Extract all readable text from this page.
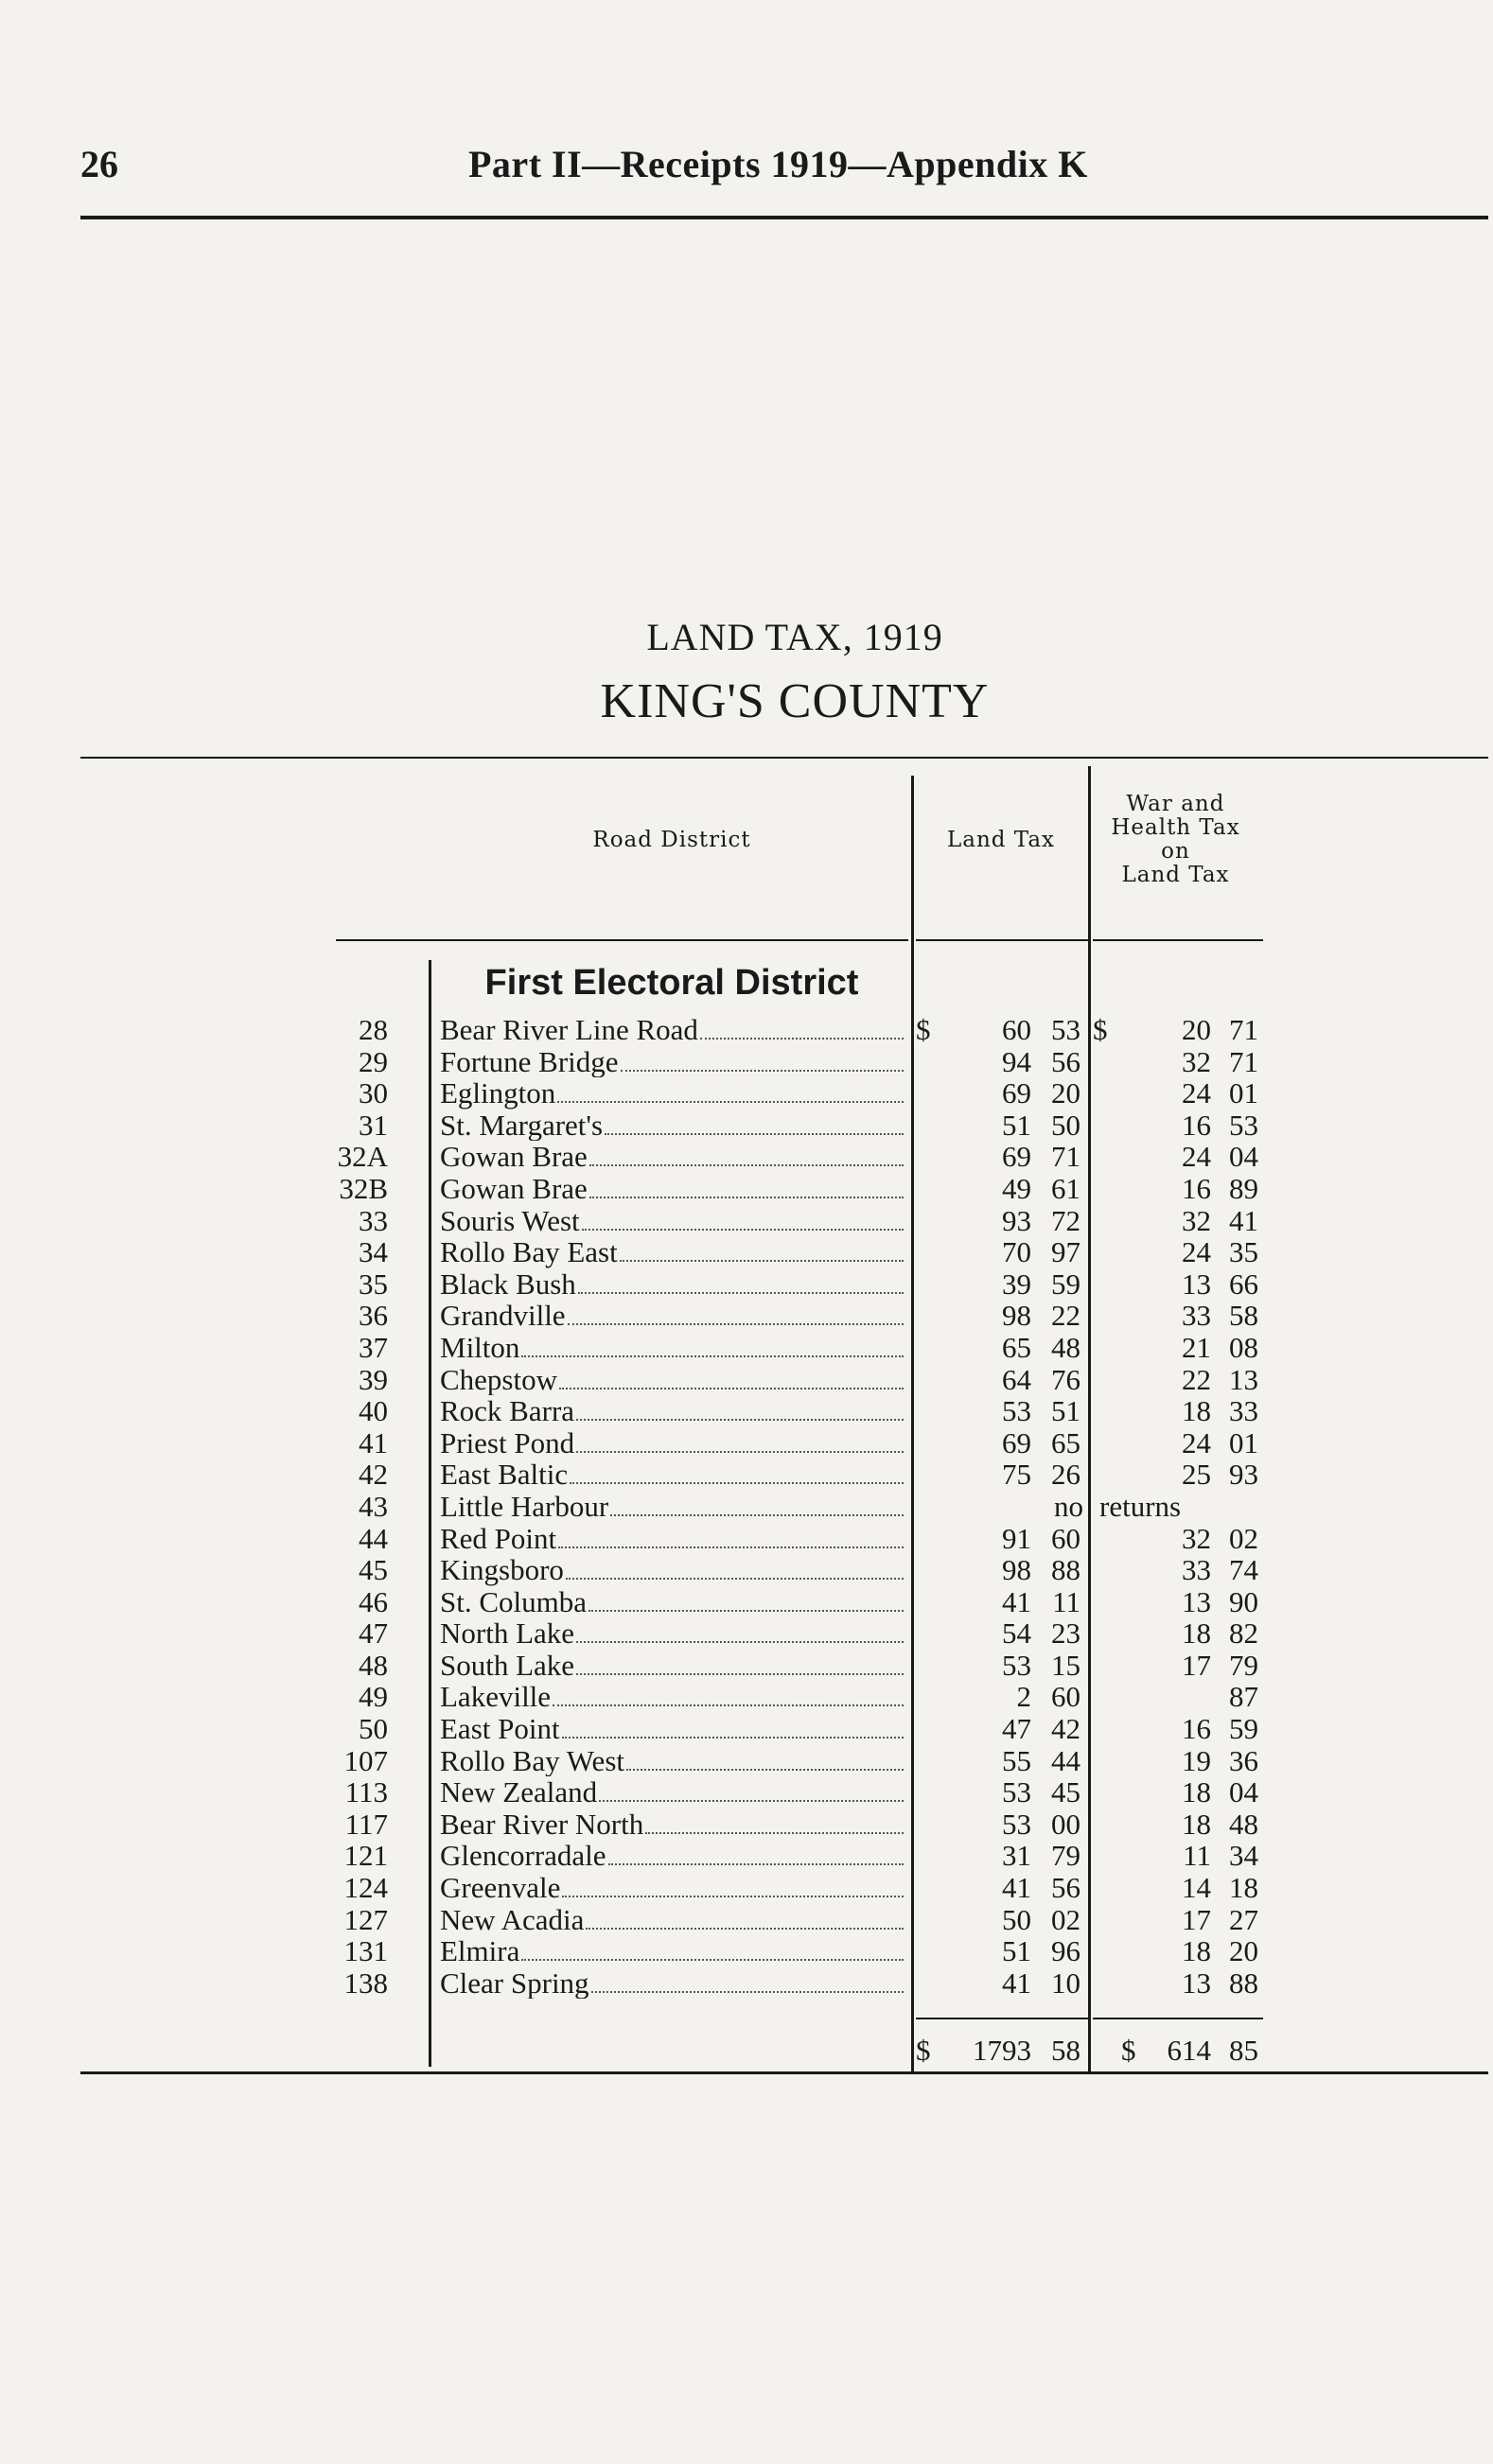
26	Part II—Receipts 1919—Appendix K
LAND TAX, 1919
KING'S COUNTY
Road District	Land Tax
War and
Health Tax
on
Land Tax
First Electoral District
28 Bear River Line Road	$	60 53 $	20 71
29 Fortune Bridge	94 56	32 71
30 Eglington	69 20	24 01
31 St. Margaret's	51 50	16 53
32A Gowan Brae	69 71	24 04
32B Gowan Brae	49 61	16 89
33 Souris West	93 72	32 41
34 Rollo Bay East	70 97	24 35
35 Black Bush	39 59	13 66
36 Grandville	98 22	33 58
37 Milton	65 48	21 08
39 Chepstow	64 76	22 13
40 Rock Barra	53 51	18 33
41 Priest Pond	69 65	24 01
42 East Baltic	75 26	25 93
43 Little Harbour	no returns
44 Red Point	91 60	32 02
45 Kingsboro	98 88	33 74
46 St. Columba	41 11	13 90
47 North Lake	54 23	18 82
48 South Lake	53 15	17 79
49 Lakeville	2 60	87
50 East Point	47 42	16 59
107 Rollo Bay West	55 44	19 36
113 New Zealand	53 45	18 04
117 Bear River North	53 00	18 48
121 Glencorradale	31 79	11 34
124 Greenvale	41 56	14 18
127 New Acadia	50 02	17 27
131 Elmira	51 96	18 20
138 Clear Spring	41 10	13 88
$	1793 58 $	614 85
